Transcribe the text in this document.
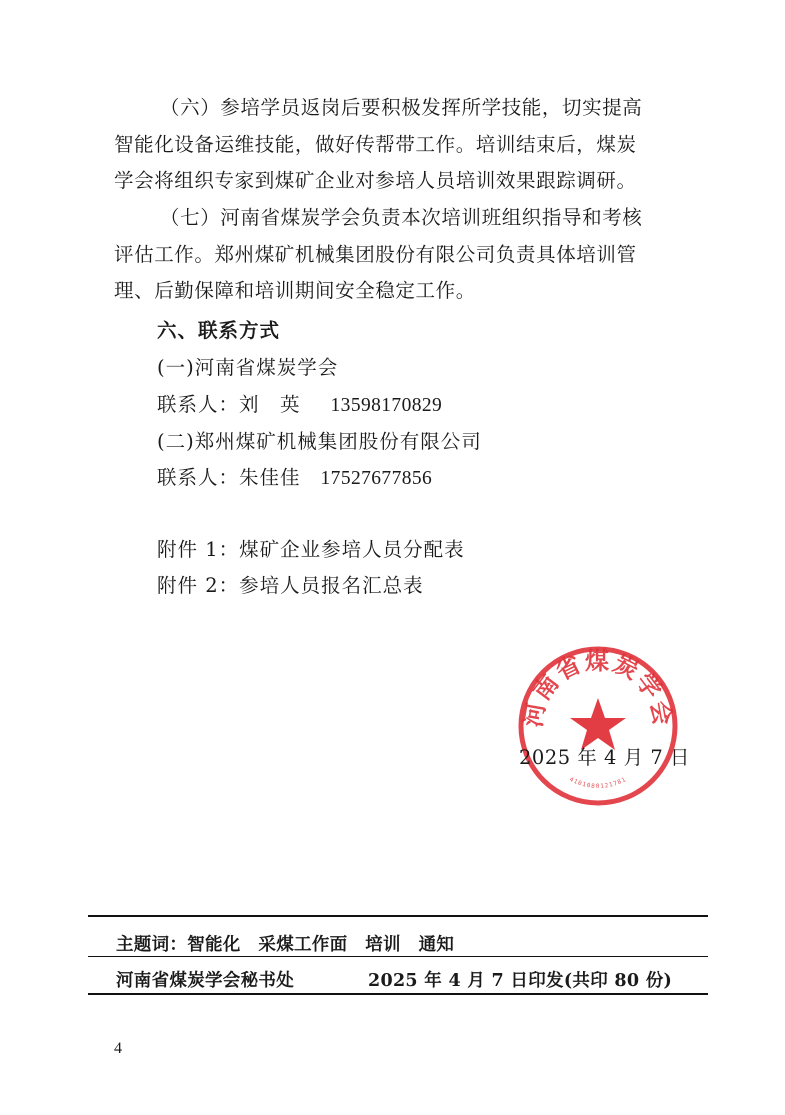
（六）参培学员返岗后要积极发挥所学技能，切实提高
智能化设备运维技能，做好传帮带工作。培训结束后，煤炭
学会将组织专家到煤矿企业对参培人员培训效果跟踪调研。
（七）河南省煤炭学会负责本次培训班组织指导和考核
评估工作。郑州煤矿机械集团股份有限公司负责具体培训管
理、后勤保障和培训期间安全稳定工作。
六、联系方式
(一)河南省煤炭学会
联系人：刘　英 13598170829
(二)郑州煤矿机械集团股份有限公司
联系人：朱佳佳 17527677856
附件 1：煤矿企业参培人员分配表
附件 2：参培人员报名汇总表
河南省煤炭学会
4101080121781
2025 年 4 月 7 日
主题词：智能化　采煤工作面　培训　通知
河南省煤炭学会秘书处	2025 年 4 月 7 日印发(共印 80 份)
4
